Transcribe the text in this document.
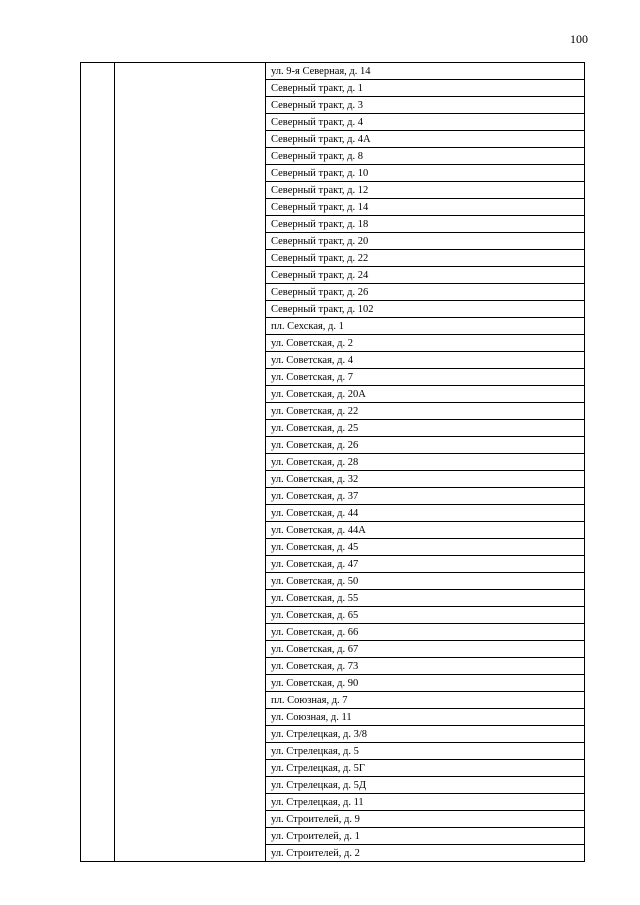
100
		ул. 9-я Северная, д. 14
Северный тракт, д. 1
Северный тракт, д. 3
Северный тракт, д. 4
Северный тракт, д. 4А
Северный тракт, д. 8
Северный тракт, д. 10
Северный тракт, д. 12
Северный тракт, д. 14
Северный тракт, д. 18
Северный тракт, д. 20
Северный тракт, д. 22
Северный тракт, д. 24
Северный тракт, д. 26
Северный тракт, д. 102
пл. Сехская, д. 1
ул. Советская, д. 2
ул. Советская, д. 4
ул. Советская, д. 7
ул. Советская, д. 20А
ул. Советская, д. 22
ул. Советская, д. 25
ул. Советская, д. 26
ул. Советская, д. 28
ул. Советская, д. 32
ул. Советская, д. 37
ул. Советская, д. 44
ул. Советская, д. 44А
ул. Советская, д. 45
ул. Советская, д. 47
ул. Советская, д. 50
ул. Советская, д. 55
ул. Советская, д. 65
ул. Советская, д. 66
ул. Советская, д. 67
ул. Советская, д. 73
ул. Советская, д. 90
пл. Союзная, д. 7
ул. Союзная, д. 11
ул. Стрелецкая, д. 3/8
ул. Стрелецкая, д. 5
ул. Стрелецкая, д. 5Г
ул. Стрелецкая, д. 5Д
ул. Стрелецкая, д. 11
ул. Строителей, д. 9
ул. Строителей, д. 1
ул. Строителей, д. 2
